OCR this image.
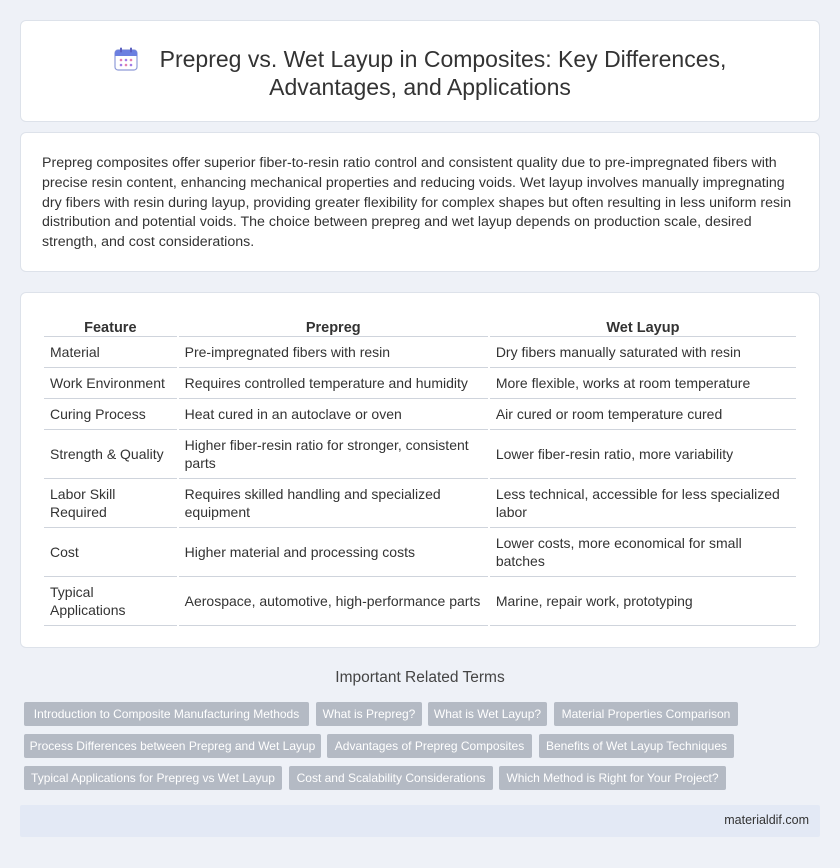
Prepreg vs. Wet Layup in Composites: Key Differences,
Advantages, and Applications

Prepreg composites offer superior fiber-to-resin ratio control and consistent quality due to pre-impregnated fibers with precise resin content, enhancing mechanical properties and reducing voids. Wet layup involves manually impregnating dry fibers with resin during layup, providing greater flexibility for complex shapes but often resulting in less uniform resin distribution and potential voids. The choice between prepreg and wet layup depends on production scale, desired strength, and cost considerations.

Feature	Prepreg	Wet Layup
Material	Pre-impregnated fibers with resin	Dry fibers manually saturated with resin
Work Environment	Requires controlled temperature and humidity	More flexible, works at room temperature
Curing Process	Heat cured in an autoclave or oven	Air cured or room temperature cured
Strength & Quality	Higher fiber-resin ratio for stronger, consistent parts	Lower fiber-resin ratio, more variability
Labor Skill Required	Requires skilled handling and specialized equipment	Less technical, accessible for less specialized labor
Cost	Higher material and processing costs	Lower costs, more economical for small batches
Typical Applications	Aerospace, automotive, high-performance parts	Marine, repair work, prototyping
Important Related Terms
Introduction to Composite Manufacturing Methods	What is Prepreg?	What is Wet Layup?	Material Properties Comparison
Process Differences between Prepreg and Wet Layup	Advantages of Prepreg Composites	Benefits of Wet Layup Techniques
Typical Applications for Prepreg vs Wet Layup	Cost and Scalability Considerations	Which Method is Right for Your Project?
materialdif.com
